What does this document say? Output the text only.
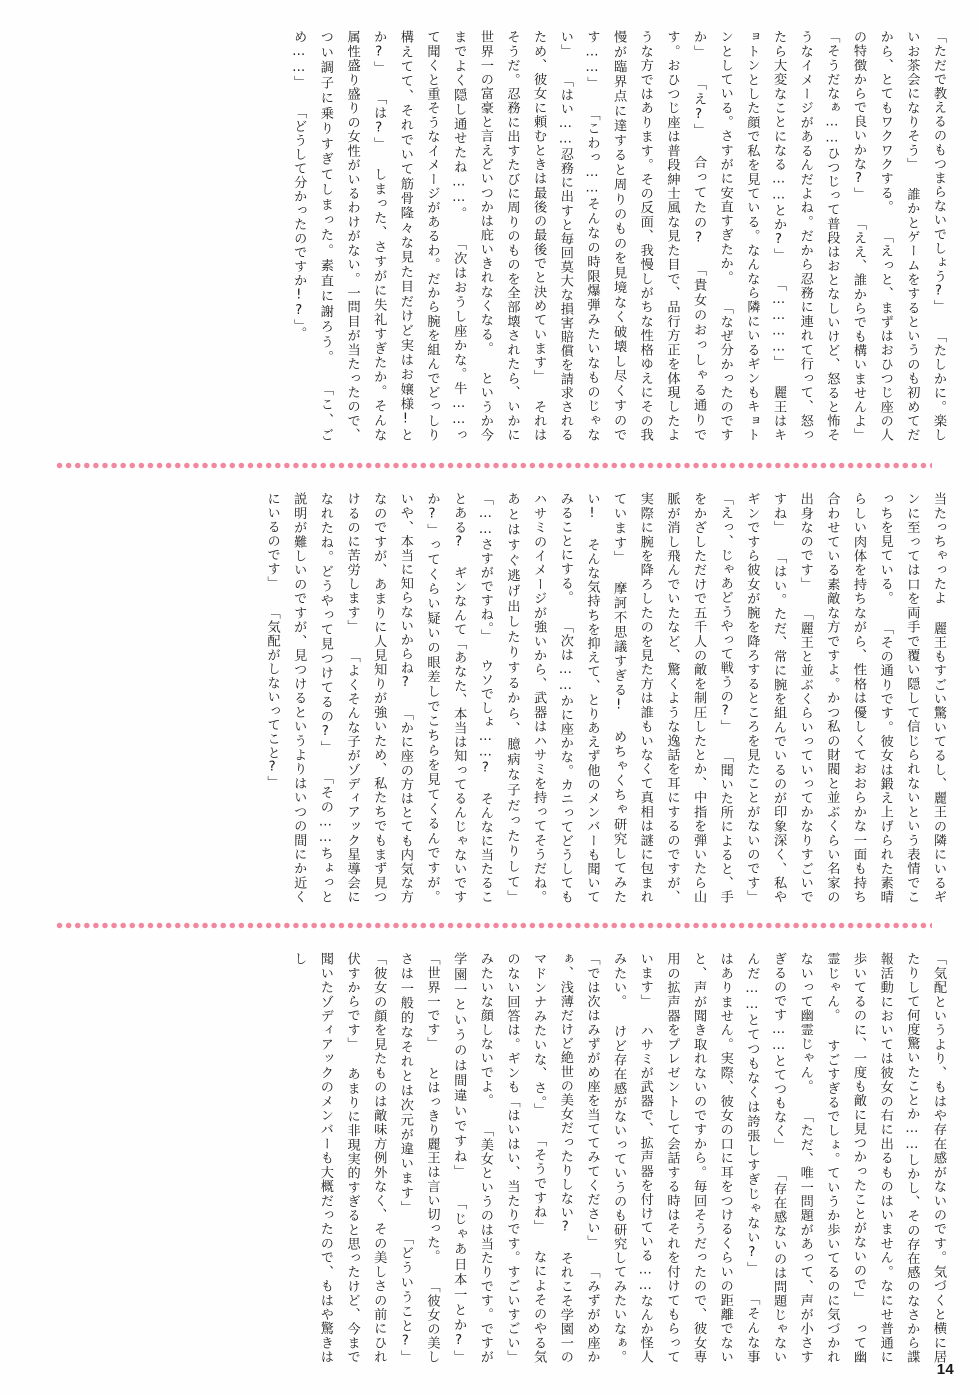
「ただで教えるのもつまらないでしょう?」 「たしかに。楽しいお茶会になりそう」 誰かとゲームをするというのも初めてだから、とてもワクワクする。 「えっと、まずはおひつじ座の人の特徴からで良いかな?」 「ええ、誰からでも構いませんよ」 「そうだなぁ……ひつじって普段はおとなしいけど、怒ると怖そうなイメージがあるんだよね。だから忍務に連れて行って、怒ったら大変なことになる……とか?」 「…………」 麗王はキョトンとした顔で私を見ている。なんなら隣にいるギンもキョトンとしている。さすがに安直すぎたか。 「なぜ分かったのですか」 「え?」 合ってたの? 「貴女のおっしゃる通りです。おひつじ座は普段紳士風な見た目で、品行方正を体現したような方ではあります。その反面、我慢しがちな性格ゆえにその我慢が臨界点に達すると周りのものを見境なく破壊し尽くすのです……」 「こわっ……そんなの時限爆弾みたいなものじゃない」 「はい……忍務に出すと毎回莫大な損害賠償を請求されるため、彼女に頼むときは最後の最後でと決めています」 それはそうだ。忍務に出すたびに周りのものを全部壊されたら、いかに世界一の富豪と言えどいつかは庇いきれなくなる。 というか今までよく隠し通せたね……。 「次はおうし座かな。牛……って聞くと重そうなイメージがあるわ。だから腕を組んでどっしり構えてて、それでいて筋骨隆々な見た目だけど実はお嬢様!とか?」 「は?」 しまった、さすがに失礼すぎたか。そんな属性盛り盛りの女性がいるわけがない。一問目が当たったので、つい調子に乗りすぎてしまった。素直に謝ろう。 「こ、ごめ……」 「どうして分かったのですか!?」。

当たっちゃったよ 麗王もすごい驚いてるし、麗王の隣にいるギンに至っては口を両手で覆い隠して信じられないという表情でこっちを見ている。 「その通りです。彼女は鍛え上げられた素晴らしい肉体を持ちながら、性格は優しくておおらかな一面も持ち合わせている素敵な方ですよ。かつ私の財閥と並ぶくらい名家の出身なのです」 「麗王と並ぶくらいっていってかなりすごいですね」 「はい。ただ、常に腕を組んでいるのが印象深く、私やギンですら彼女が腕を降ろするところを見たことがないのです」 「えっ、じゃあどうやって戦うの?」 「聞いた所によると、手をかざしただけで五千人の敵を制圧したとか、中指を弾いたら山脈が消し飛んでいたなど、驚くような逸話を耳にするのですが、実際に腕を降ろしたのを見た方は誰もいなくて真相は謎に包まれています」 摩訶不思議すぎる! めちゃくちゃ研究してみたい! そんな気持ちを抑えて、とりあえず他のメンバーも聞いてみることにする。 「次は……かに座かな。カニってどうしてもハサミのイメージが強いから、武器はハサミを持ってそうだね。あとはすぐ逃げ出したりするから、臆病な子だったりして」 「……さすがですね。」 ウソでしょ……? そんなに当たることある? ギンなんて「あなた、本当は知ってるんじゃないですか?」ってくらい疑いの眼差しでこちらを見てくるんですが。 いや、本当に知らないからね? 「かに座の方はとても内気な方なのですが、あまりに人見知りが強いため、私たちでもまず見つけるのに苦労します」 「よくそんな子がゾディアック星導会になれたね。どうやって見つけてるの?」 「その……ちょっと説明が難しいのですが、見つけるというよりはいつの間にか近くにいるのです」 「気配がしないってこと?」

「気配というより、もはや存在感がないのです。気づくと横に居たりして何度驚いたことか……しかし、その存在感のなさから諜報活動においては彼女の右に出るものはいません。なにせ普通に歩いてるのに、一度も敵に見つかったことがないので」 って幽霊じゃん。 すごすぎるでしょ。ていうか歩いてるのに気づかれないって幽霊じゃん。 「ただ、唯一問題があって、声が小さすぎるのです……とてつもなく」 「存在感ないのは問題じゃないんだ……とてつもなくは誇張しすぎじゃない?」 「そんな事はありません。実際、彼女の口に耳をつけるくらいの距離でないと、声が聞き取れないのですから。毎回そうだったので、彼女専用の拡声器をプレゼントして会話する時はそれを付けてもらっています」 ハサミが武器で、拡声器を付けている……なんか怪人みたい。 けど存在感がないっていうのも研究してみたいなぁ。 「では次はみずがめ座を当ててみてください」 「みずがめ座かぁ、浅薄だけど絶世の美女だったりしない? それこそ学園一のマドンナみたいな、さ。」 「そうですね」 なによそのやる気のない回答は。ギンも「はいはい、当たりです。すごいすごい」みたいな顔しないでよ。 「美女というのは当たりです。ですが学園一というのは間違いですね」 「じゃあ日本一とか?」 「世界一です」 とはっきり麗王は言い切った。 「彼女の美しさは一般的なそれとは次元が違います」 「どういうこと?」 「彼女の顔を見たものは敵味方例外なく、その美しさの前にひれ伏すからです」 あまりに非現実的すぎると思ったけど、今まで聞いたゾディアックのメンバーも大概だったので、もはや驚きはし

14
